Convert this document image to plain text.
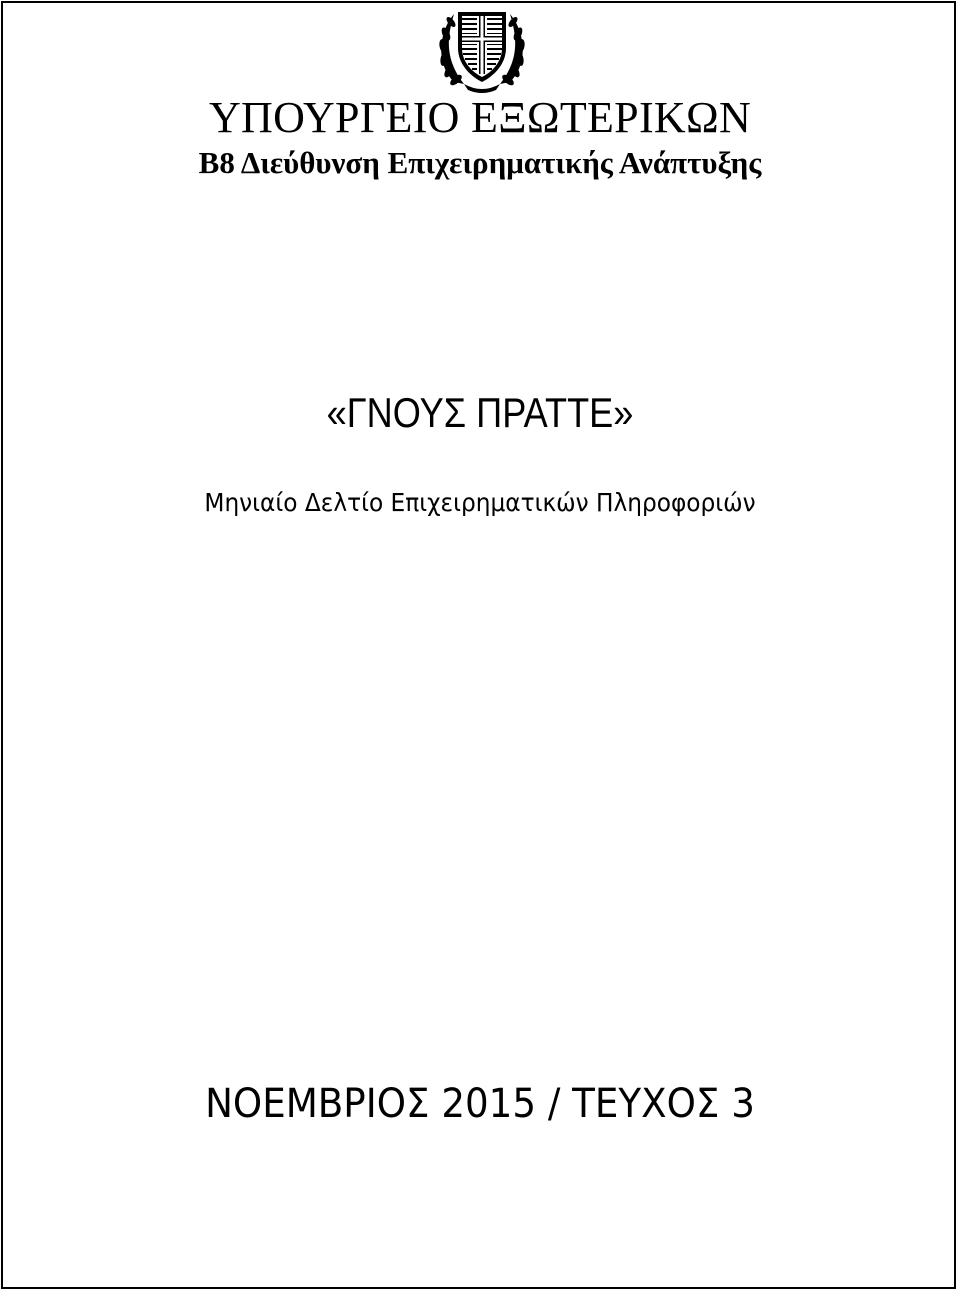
ΥΠΟΥΡΓΕΙΟ ΕΞΩΤΕΡΙΚΩΝ
Β8 Διεύθυνση Επιχειρηματικής Ανάπτυξης
«ΓΝΟΥΣ ΠΡΑΤΤΕ»
Μηνιαίο Δελτίο Επιχειρηματικών Πληροφοριών
ΝΟΕΜΒΡΙΟΣ 2015 / ΤΕΥΧΟΣ 3
